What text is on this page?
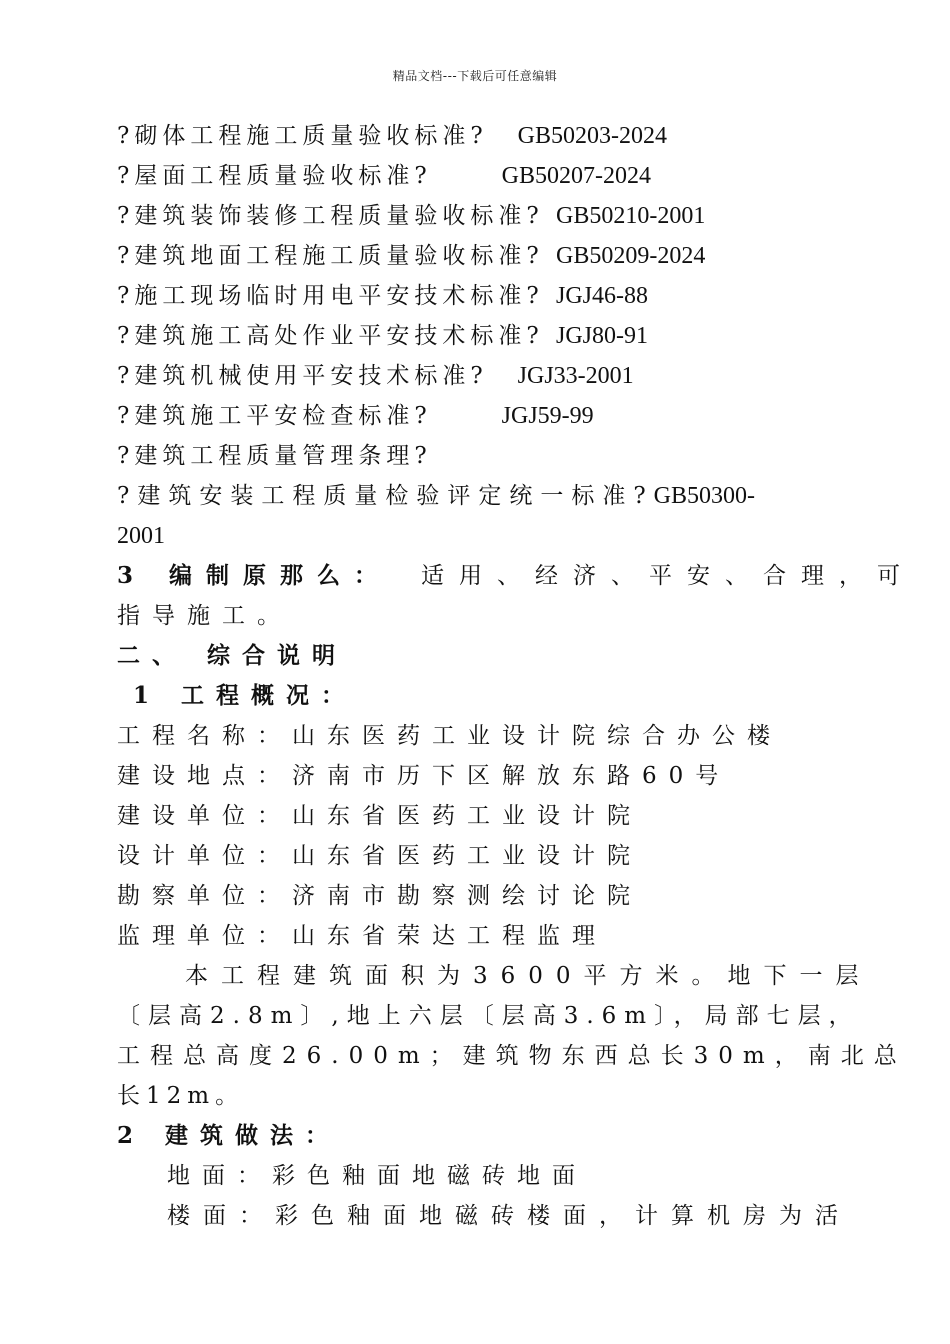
精品文档---下载后可任意编辑
?砌体工程施工质量验收标准? GB50203-2024
?屋面工程质量验收标准?	GB50207-2024
?建筑装饰装修工程质量验收标准? GB50210-2001
?建筑地面工程施工质量验收标准? GB50209-2024
?施工现场临时用电平安技术标准? JGJ46-88
?建筑施工高处作业平安技术标准? JGJ80-91
?建筑机械使用平安技术标准? JGJ33-2001
?建筑施工平安检查标准?	JGJ59-99
?建筑工程质量管理条理?
?建筑安装工程质量检验评定统一标准?GB50300-
2001
3 编制原那么： 适用、经济、平安、合理，可
指导施工。
二、 综合说明
1 工程概况：
工程名称：山东医药工业设计院综合办公楼
建设地点：济南市历下区解放东路60号
建设单位：山东省医药工业设计院
设计单位：山东省医药工业设计院
勘察单位：济南市勘察测绘讨论院
监理单位：山东省荣达工程监理
本工程建筑面积为3600平方米。地下一层
〔层高2.8m〕,地上六层〔层高3.6m〕，局部七层，
工程总高度26.00m；建筑物东西总长30m，南北总
长12m。
2 建筑做法：
地面：彩色釉面地磁砖地面
楼面：彩色釉面地磁砖楼面，计算机房为活
